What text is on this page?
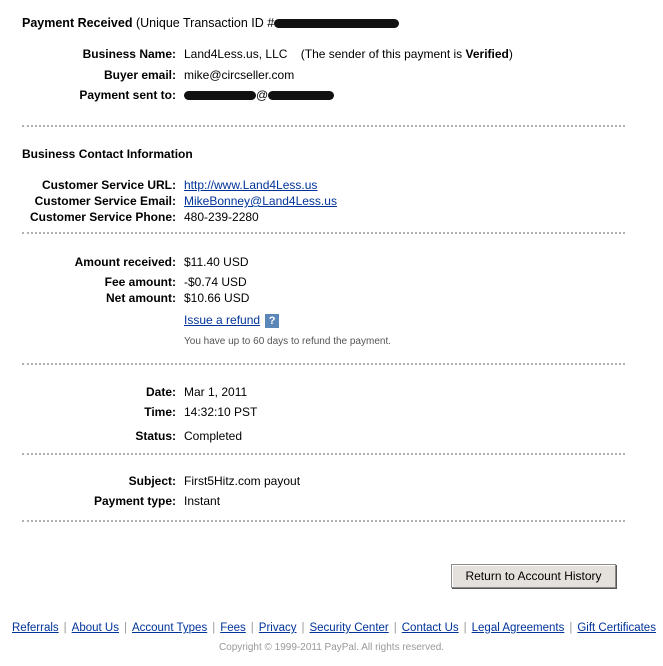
Payment Received (Unique Transaction ID #
Business Name: Land4Less.us, LLC (The sender of this payment is Verified)
Buyer email: mike@circseller.com
Payment sent to:	@
Business Contact Information
Customer Service URL: http://www.Land4Less.us
Customer Service Email: MikeBonney@Land4Less.us
Customer Service Phone: 480-239-2280
Amount received: $11.40 USD
Fee amount: -$0.74 USD
Net amount: $10.66 USD
Issue a refund ?
You have up to 60 days to refund the payment.
Date: Mar 1, 2011
Time: 14:32:10 PST
Status: Completed
Subject: First5Hitz.com payout
Payment type: Instant
Return to Account History
Referrals | About Us | Account Types | Fees | Privacy | Security Center | Contact Us | Legal Agreements | Gift Certificates
Copyright © 1999-2011 PayPal. All rights reserved.
